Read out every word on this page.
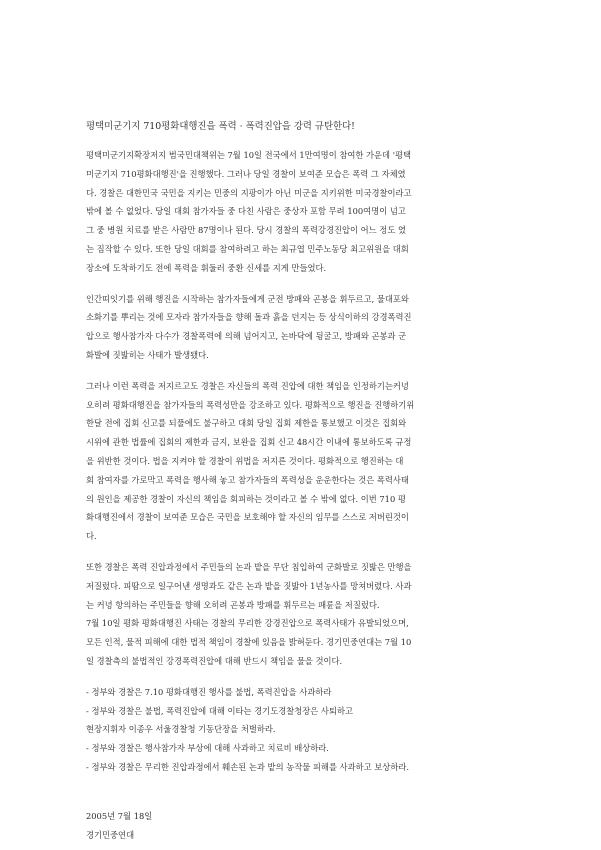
평택미군기지 710평화대행진을 폭력 · 폭력진압을 강력 규탄한다!
평택미군기지확장저지 범국민대책위는 7월 10일 전국에서 1만여명이 참여한 가운데 '평택
미군기지 710평화대행진'을 진행했다. 그러나 당일 경찰이 보여준 모습은 폭력 그 자체였
다. 경찰은 대한민국 국민을 지키는 민중의 지팡이가 아닌 미군을 지키위한 미국경찰이라고
밖에 볼 수 없었다. 당일 대회 참가자들 중 다친 사람은 중상자 포함 무려 100여명이 넘고
그 중 병원 치료를 받은 사람만 87명이나 된다. 당시 경찰의 폭력강경진압이 어느 정도 였
는 짐작할 수 있다. 또한 당일 대회를 참여하려고 하는 최규엽 민주노동당 최고위원을 대회
장소에 도착하기도 전에 폭력을 휘둘러 중환 신세를 지게 만들었다.
인간띠잇기를 위해 행진을 시작하는 참가자들에게 군전 방패와 곤봉을 휘두르고, 물대포와
소화기를 뿌리는 것에 모자라 참가자들을 향해 돌과 흙을 던지는 등 상식이하의 강경폭력진
압으로 행사참가자 다수가 경찰폭력에 의해 넘어지고, 논바닥에 뒹굴고, 방패와 곤봉과 군
화발에 짓밟히는 사태가 발생됐다.
그러나 이런 폭력을 저지르고도 경찰은 자신들의 폭력 진압에 대한 책임을 인정하기는커녕
오히려 평화대행진을 참가자들의 폭력성만을 강조하고 있다. 평화적으로 행진을 진행하기위
한달 전에 집회 신고를 되풀에도 불구하고 대회 당일 집회 제한을 통보했고 이것은 집회와
시위에 관한 법률에 집회의 제한과 금지, 보완을 집회 신고 48시간 이내에 통보하도록 규정
을 위반한 것이다. 법을 지켜야 할 경찰이 위법을 저지른 것이다. 평화적으로 행진하는 대
회 참여자를 가로막고 폭력을 행사해 놓고 참가자들의 폭력성을 운운한다는 것은 폭력사태
의 원인을 제공한 경찰이 자신의 책임을 회피하는 것이라고 볼 수 밖에 없다. 이번 710 평
화대행진에서 경찰이 보여준 모습은 국민을 보호해야 할 자신의 임무를 스스로 저버린것이
다.
또한 경찰은 폭력 진압과정에서 주민들의 논과 밭을 무단 침입하여 군화발로 짓밟은 만행을
저질렀다. 피땀으로 일구어낸 생명과도 같은 논과 밭을 짓밟아 1년농사를 망쳐버렸다. 사과
는 커녕 항의하는 주민들을 향해 오히려 곤봉과 방패를 휘두르는 패륜을 저질렀다.
7월 10일 평화 평화대행진 사태는 경찰의 무리한 강경진압으로 폭력사태가 유발되었으며,
모든 인적, 물적 피해에 대한 법적 책임이 경찰에 있음을 밝혀둔다. 경기민중연대는 7월 10
일 경찰측의 불법적인 강경폭력진압에 대해 반드시 책임을 물을 것이다.
- 정부와 경찰은 7.10 평화대행진 행사를 불법, 폭력진압을 사과하라
- 정부와 경찰은 불법, 폭력진압에 대해 이타는 경기도경찰청장은 사퇴하고
현장지휘자 이종우 서울경찰청 기동단장을 처벌하라.
- 정부와 경찰은 행사참가자 부상에 대해 사과하고 치료비 배상하라.
- 정부와 경찰은 무리한 진압과정에서 훼손된 논과 밭의 농작물 피해를 사과하고 보상하라.
2005년 7월 18일
경기민중연대
